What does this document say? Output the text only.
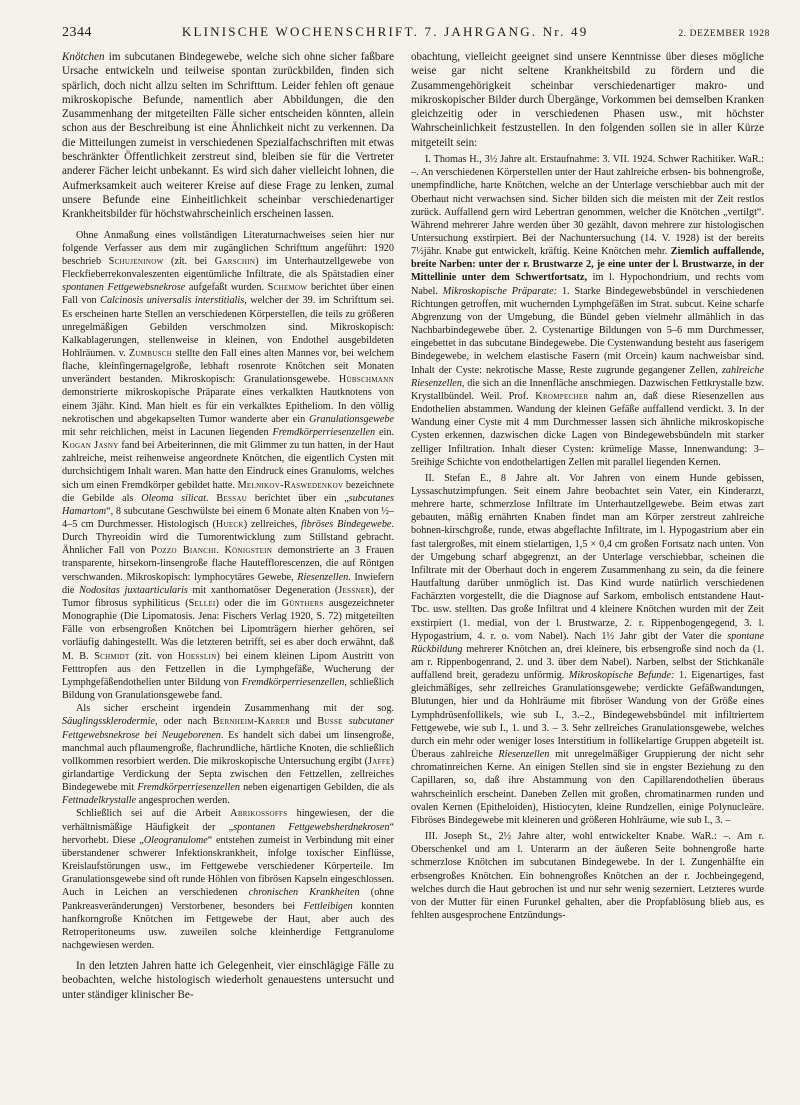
2344	KLINISCHE WOCHENSCHRIFT. 7. JAHRGANG. Nr. 49	2. DEZEMBER 1928

Knötchen im subcutanen Bindegewebe, welche sich ohne sicher faßbare Ursache entwickeln und teilweise spontan zurückbilden, finden sich spärlich, doch nicht allzu selten im Schrifttum. Leider fehlen oft genaue mikroskopische Befunde, namentlich aber Abbildungen, die den Zusammenhang der mitgeteilten Fälle sicher entscheiden könnten, allein schon aus der Beschreibung ist eine Ähnlichkeit nicht zu verkennen. Da die Mitteilungen zumeist in verschiedenen Spezialfachschriften mit etwas beschränkter Öffentlichkeit zerstreut sind, bleiben sie für die Vertreter anderer Fächer leicht unbekannt. Es wird sich daher vielleicht lohnen, die Aufmerksamkeit auch weiterer Kreise auf diese Frage zu lenken, zumal unsere Befunde eine Einheitlichkeit scheinbar verschiedenartiger Krankheitsbilder für höchstwahrscheinlich erscheinen lassen.

Ohne Anmaßung eines vollständigen Literaturnachweises seien hier nur folgende Verfasser aus dem mir zugänglichen Schrifttum angeführt: 1920 beschrieb Schujeninow (zit. bei Garschin) im Unterhautzellgewebe von Fleckfieberrekonvaleszenten eigentümliche Infiltrate, die als Spätstadien einer spontanen Fettgewebsnekrose aufgefaßt wurden. Schemow berichtet über einen Fall von Calcinosis universalis interstitialis, welcher der 39. im Schrifttum sei. Es erscheinen harte Stellen an verschiedenen Körperstellen, die teils zu größeren unregelmäßigen Gebilden verschmolzen sind. Mikroskopisch: Kalkablagerungen, stellenweise in kleinen, von Endothel ausgebildeten Hohlräumen. v. Zumbusch stellte den Fall eines alten Mannes vor, bei welchem flache, kleinfingernagelgroße, lebhaft rosenrote Knötchen seit Monaten unverändert bestanden. Mikroskopisch: Granulationsgewebe. Hübschmann demonstrierte mikroskopische Präparate eines verkalkten Hautknotens von einem 3jähr. Kind. Man hielt es für ein verkalktes Epitheliom. In den völlig nekrotischen und abgekapselten Tumor wanderte aber ein Granulationsgewebe mit sehr reichlichen, meist in Lacunen liegenden Fremdkörperriesenzellen ein. Kogan Jasny fand bei Arbeiterinnen, die mit Glimmer zu tun hatten, in der Haut zahlreiche, meist reihenweise angeordnete Knötchen, die eigentlich Cysten mit durchsichtigem Inhalt waren. Man hatte den Eindruck eines Granuloms, welches sich um einen Fremdkörper gebildet hatte. Melnikov-Raswedenkov bezeichnete die Gebilde als Oleoma silicat. Bessau berichtet über ein „subcutanes Hamartom“, 8 subcutane Geschwülste bei einem 6 Monate alten Knaben von ½–4–5 cm Durchmesser. Histologisch (Hueck) zellreiches, fibröses Bindegewebe. Durch Thyreoidin wird die Tumorentwicklung zum Stillstand gebracht. Ähnlicher Fall von Pozzo Bianchi. Königstein demonstrierte an 3 Frauen transparente, hirsekorn-linsengroße flache Hautefflorescenzen, die auf Röntgen verschwanden. Mikroskopisch: lymphocytäres Gewebe, Riesenzellen. Inwiefern die Nodositas juxtaarticularis mit xanthomatöser Degeneration (Jessner), der Tumor fibrosus syphiliticus (Sellei) oder die im Günthers ausgezeichneter Monographie (Die Lipomatosis. Jena: Fischers Verlag 1920, S. 72) mitgeteilten Fälle von erbsengroßen Knötchen bei Lipomträgern hierher gehören, sei vorläufig dahingestellt. Was die letzteren betrifft, sei es aber doch erwähnt, daß M. B. Schmidt (zit. von Hoesslin) bei einem kleinen Lipom Austritt von Fetttropfen aus den Fettzellen in die Lymphgefäße, Wucherung der Lymphgefäßendothelien unter Bildung von Fremdkörperriesenzellen, schließlich Bildung von Granulationsgewebe fand.

Als sicher erscheint irgendein Zusammenhang mit der sog. Säuglingssklerodermie, oder nach Bernheim-Karrer und Busse subcutaner Fettgewebsnekrose bei Neugeborenen. Es handelt sich dabei um linsengroße, manchmal auch pflaumengroße, flachrundliche, härtliche Knoten, die schließlich vollkommen resorbiert werden. Die mikroskopische Untersuchung ergibt (Jaffe) girlandartige Verdickung der Septa zwischen den Fettzellen, zellreiches Bindegewebe mit Fremdkörperriesenzellen neben eigenartigen Gebilden, die als Fettnadelkrystalle angesprochen werden.

Schließlich sei auf die Arbeit Abrikossoffs hingewiesen, der die verhältnismäßige Häufigkeit der „spontanen Fettgewebsherdnekrosen“ hervorhebt. Diese „Oleogranulome“ entstehen zumeist in Verbindung mit einer überstandener schwerer Infektionskrankheit, infolge toxischer Einflüsse, Kreislaufstörungen usw., im Fettgewebe verschiedener Körperteile. Im Granulationsgewebe sind oft runde Höhlen von fibrösen Kapseln eingeschlossen. Auch in Leichen an verschiedenen chronischen Krankheiten (ohne Pankreasveränderungen) Verstorbener, besonders bei Fettleibigen konnten hanfkorngroße Knötchen im Fettgewebe der Haut, aber auch des Retroperitoneums usw. zuweilen solche kleinherdige Fettgranulome nachgewiesen werden.

In den letzten Jahren hatte ich Gelegenheit, vier einschlägige Fälle zu beobachten, welche histologisch wiederholt genauestens untersucht und unter ständiger klinischer Be-

obachtung, vielleicht geeignet sind unsere Kenntnisse über dieses mögliche weise gar nicht seltene Krankheitsbild zu fördern und die Zusammengehörigkeit scheinbar verschiedenartiger makro- und mikroskopischer Bilder durch Übergänge, Vorkommen bei demselben Kranken gleichzeitig oder in verschiedenen Phasen usw., mit höchster Wahrscheinlichkeit festzustellen. In den folgenden sollen sie in aller Kürze mitgeteilt sein:

I. Thomas H., 3½ Jahre alt. Erstaufnahme: 3. VII. 1924. Schwer Rachitiker. WaR.: –. An verschiedenen Körperstellen unter der Haut zahlreiche erbsen- bis bohnengroße, unempfindliche, harte Knötchen, welche an der Unterlage verschiebbar auch mit der Oberhaut nicht verwachsen sind. Sicher bilden sich die meisten mit der Zeit restlos zurück. Auffallend gern wird Lebertran genommen, welcher die Knötchen „vertilgt“. Während mehrerer Jahre werden über 30 gezählt, davon mehrere zur histologischen Untersuchung exstirpiert. Bei der Nachuntersuchung (14. V. 1928) ist der bereits 7½jähr. Knabe gut entwickelt, kräftig. Keine Knötchen mehr. Ziemlich auffallende, breite Narben: unter der r. Brustwarze 2, je eine unter der l. Brustwarze, in der Mittellinie unter dem Schwertfortsatz, im l. Hypochondrium, und rechts vom Nabel. Mikroskopische Präparate: 1. Starke Bindegewebsbündel in verschiedenen Richtungen getroffen, mit wuchernden Lymphgefäßen im Strat. subcut. Keine scharfe Abgrenzung von der Umgebung, die Bündel geben vielmehr allmählich in das Nachbarbindegewebe über. 2. Cystenartige Bildungen von 5–6 mm Durchmesser, eingebettet in das subcutane Bindegewebe. Die Cystenwandung besteht aus faserigem Bindegewebe, in welchem elastische Fasern (mit Orcein) kaum nachweisbar sind. Inhalt der Cyste: nekrotische Masse, Reste zugrunde gegangener Zellen, zahlreiche Riesenzellen, die sich an die Innenfläche anschmiegen. Dazwischen Fettkrystalle bzw. Krystallbündel. Weil. Prof. Krompecher nahm an, daß diese Riesenzellen aus Endothelien abstammen. Wandung der kleinen Gefäße auffallend verdickt. 3. In der Wandung einer Cyste mit 4 mm Durchmesser lassen sich ähnliche mikroskopische Cysten erkennen, dazwischen dicke Lagen von Bindegewebsbündeln mit starker zelliger Infiltration. Inhalt dieser Cysten: krümelige Masse, Innenwandung: 3–5reihige Schichte von endothelartigen Zellen mit parallel liegenden Kernen.

II. Stefan E., 8 Jahre alt. Vor Jahren von einem Hunde gebissen, Lyssaschutzimpfungen. Seit einem Jahre beobachtet sein Vater, ein Kinderarzt, mehrere harte, schmerzlose Infiltrate im Unterhautzellgewebe. Beim etwas zart gebauten, mäßig ernährten Knaben findet man am Körper zerstreut zahlreiche bohnen-kirschgroße, runde, etwas abgeflachte Infiltrate, im l. Hypogastrium aber ein fast talergroßes, mit einem stielartigen, 1,5 × 0,4 cm großen Fortsatz nach unten. Von der Umgebung scharf abgegrenzt, an der Unterlage verschiebbar, scheinen die Infiltrate mit der Oberhaut doch in engerem Zusammenhang zu sein, da die feinere Hautfaltung darüber unmöglich ist. Das Kind wurde natürlich verschiedenen Fachärzten vorgestellt, die die Diagnose auf Sarkom, embolisch entstandene Haut-Tbc. usw. stellten. Das große Infiltrat und 4 kleinere Knötchen wurden mit der Zeit exstirpiert (1. medial, von der l. Brustwarze, 2. r. Rippenbogengegend, 3. l. Hypogastrium, 4. r. o. vom Nabel). Nach 1½ Jahr gibt der Vater die spontane Rückbildung mehrerer Knötchen an, drei kleinere, bis erbsengroße sind noch da (1. am r. Rippenbogenrand, 2. und 3. über dem Nabel). Narben, selbst der Stichkanäle auffallend breit, geradezu unförmig. Mikroskopische Befunde: 1. Eigenartiges, fast gleichmäßiges, sehr zellreiches Granulationsgewebe; verdickte Gefäßwandungen, Blutungen, hier und da Hohlräume mit fibröser Wandung von der Größe eines Lymphdrüsenfollikels, wie sub I., 3.–2., Bindegewebsbündel mit infiltriertem Fettgewebe, wie sub I., 1. und 3. – 3. Sehr zellreiches Granulationsgewebe, welches durch ein mehr oder weniger loses Interstitium in follikelartige Gruppen abgeteilt ist. Überaus zahlreiche Riesenzellen mit unregelmäßiger Gruppierung der nicht sehr chromatinreichen Kerne. An einigen Stellen sind sie in engster Beziehung zu den Capillaren, so, daß ihre Abstammung von den Capillarendothelien überaus wahrscheinlich erscheint. Daneben Zellen mit großen, chromatinarmen runden und ovalen Kernen (Epitheloiden), Histiocyten, kleine Rundzellen, einige Polynucleäre. Fibröses Bindegewebe mit kleineren und größeren Hohlräume, wie sub I., 3. –

III. Joseph St., 2½ Jahre alter, wohl entwickelter Knabe. WaR.: –. Am r. Oberschenkel und am l. Unterarm an der äußeren Seite bohnengroße harte schmerzlose Knötchen im subcutanen Bindegewebe. In der l. Zungenhälfte ein erbsengroßes Knötchen. Ein bohnengroßes Knötchen an der r. Jochbeingegend, welches durch die Haut gebrochen ist und nur sehr wenig sezerniert. Letzteres wurde von der Mutter für einen Furunkel gehalten, aber die Propfablösung blieb aus, es fehlten ausgesprochene Entzündungs-
